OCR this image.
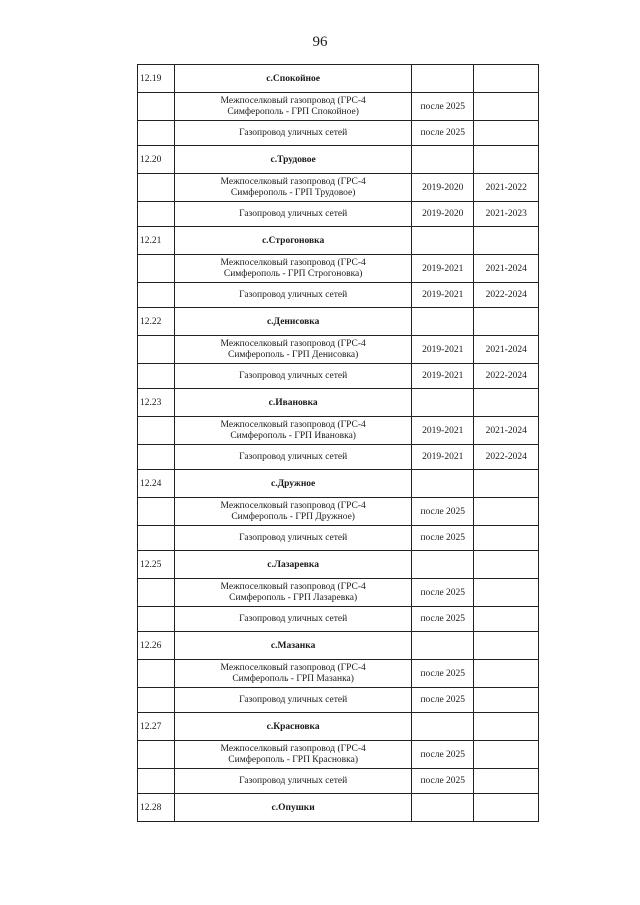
96
12.19	с.Спокойное		
	Межпоселковый газопровод (ГРС-4
Симферополь - ГРП Спокойное)	после 2025	
	Газопровод уличных сетей	после 2025	
12.20	с.Трудовое		
	Межпоселковый газопровод (ГРС-4
Симферополь - ГРП Трудовое)	2019-2020	2021-2022
	Газопровод уличных сетей	2019-2020	2021-2023
12.21	с.Строгоновка		
	Межпоселковый газопровод (ГРС-4
Симферополь - ГРП Строгоновка)	2019-2021	2021-2024
	Газопровод уличных сетей	2019-2021	2022-2024
12.22	с.Денисовка		
	Межпоселковый газопровод (ГРС-4
Симферополь - ГРП Денисовка)	2019-2021	2021-2024
	Газопровод уличных сетей	2019-2021	2022-2024
12.23	с.Ивановка		
	Межпоселковый газопровод (ГРС-4
Симферополь - ГРП Ивановка)	2019-2021	2021-2024
	Газопровод уличных сетей	2019-2021	2022-2024
12.24	с.Дружное		
	Межпоселковый газопровод (ГРС-4
Симферополь - ГРП Дружное)	после 2025	
	Газопровод уличных сетей	после 2025	
12.25	с.Лазаревка		
	Межпоселковый газопровод (ГРС-4
Симферополь - ГРП Лазаревка)	после 2025	
	Газопровод уличных сетей	после 2025	
12.26	с.Мазанка		
	Межпоселковый газопровод (ГРС-4
Симферополь - ГРП Мазанка)	после 2025	
	Газопровод уличных сетей	после 2025	
12.27	с.Красновка		
	Межпоселковый газопровод (ГРС-4
Симферополь - ГРП Красновка)	после 2025	
	Газопровод уличных сетей	после 2025	
12.28	с.Опушки		
